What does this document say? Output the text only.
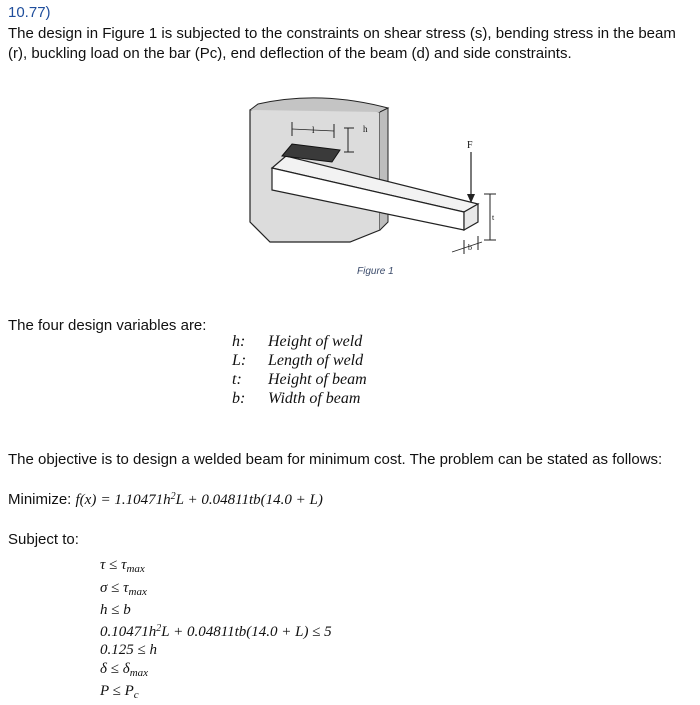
10.77)
The design in Figure 1 is subjected to the constraints on shear stress (s), bending stress in the beam (r), buckling load on the bar (Pc), end deflection of the beam (d) and side constraints.
l	h
F
t
b
Figure 1
The four design variables are:
h:	Height of weld
L:	Length of weld
t:	Height of beam
b:	Width of beam
The objective is to design a welded beam for minimum cost. The problem can be stated as follows:
Minimize: $f(x) = 1.10471h^2L + 0.04811tb(14.0 + L)$
Subject to:
$\tau \le \tau_{max}$
$\sigma \le \tau_{max}$
h ≤ b
$0.10471h^2L + 0.04811tb(14.0 + L) \le 5$
0.125 ≤ h
$\delta \le \delta_{max}$
$P \le P_c$
